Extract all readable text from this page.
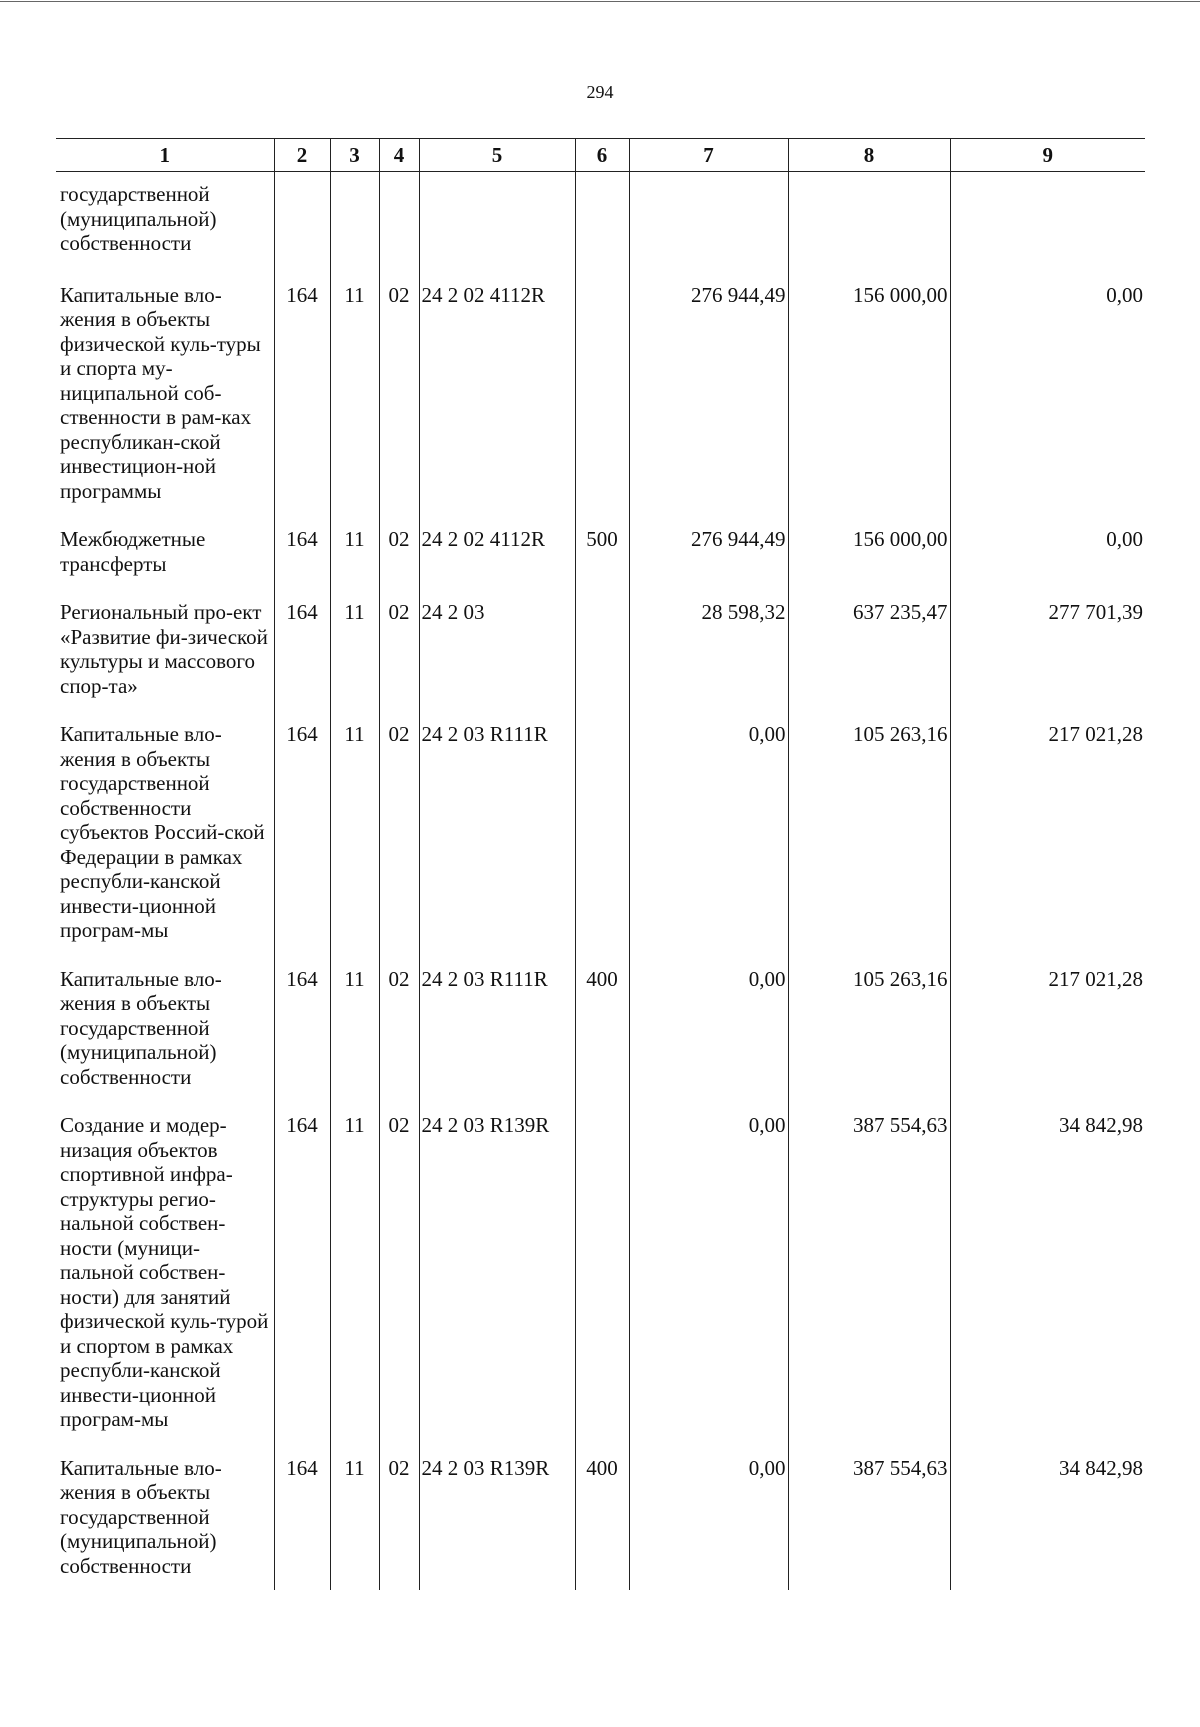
294
1	2	3	4	5	6	7	8	9
государственной (муниципальной) собственности								
Капитальные вло-жения в объекты физической куль-туры и спорта му-ниципальной соб-ственности в рам-ках республикан-ской инвестицион-ной программы	164	11	02	24 2 02 4112R		276 944,49	156 000,00	0,00
Межбюджетные трансферты	164	11	02	24 2 02 4112R	500	276 944,49	156 000,00	0,00
Региональный про-ект «Развитие фи-зической культуры и массового спор-та»	164	11	02	24 2 03		28 598,32	637 235,47	277 701,39
Капитальные вло-жения в объекты государственной собственности субъектов Россий-ской Федерации в рамках республи-канской инвести-ционной програм-мы	164	11	02	24 2 03 R111R		0,00	105 263,16	217 021,28
Капитальные вло-жения в объекты государственной (муниципальной) собственности	164	11	02	24 2 03 R111R	400	0,00	105 263,16	217 021,28
Создание и модер-низация объектов спортивной инфра-структуры регио-нальной собствен-ности (муници-пальной собствен-ности) для занятий физической куль-турой и спортом в рамках республи-канской инвести-ционной програм-мы	164	11	02	24 2 03 R139R		0,00	387 554,63	34 842,98
Капитальные вло-жения в объекты государственной (муниципальной) собственности	164	11	02	24 2 03 R139R	400	0,00	387 554,63	34 842,98
